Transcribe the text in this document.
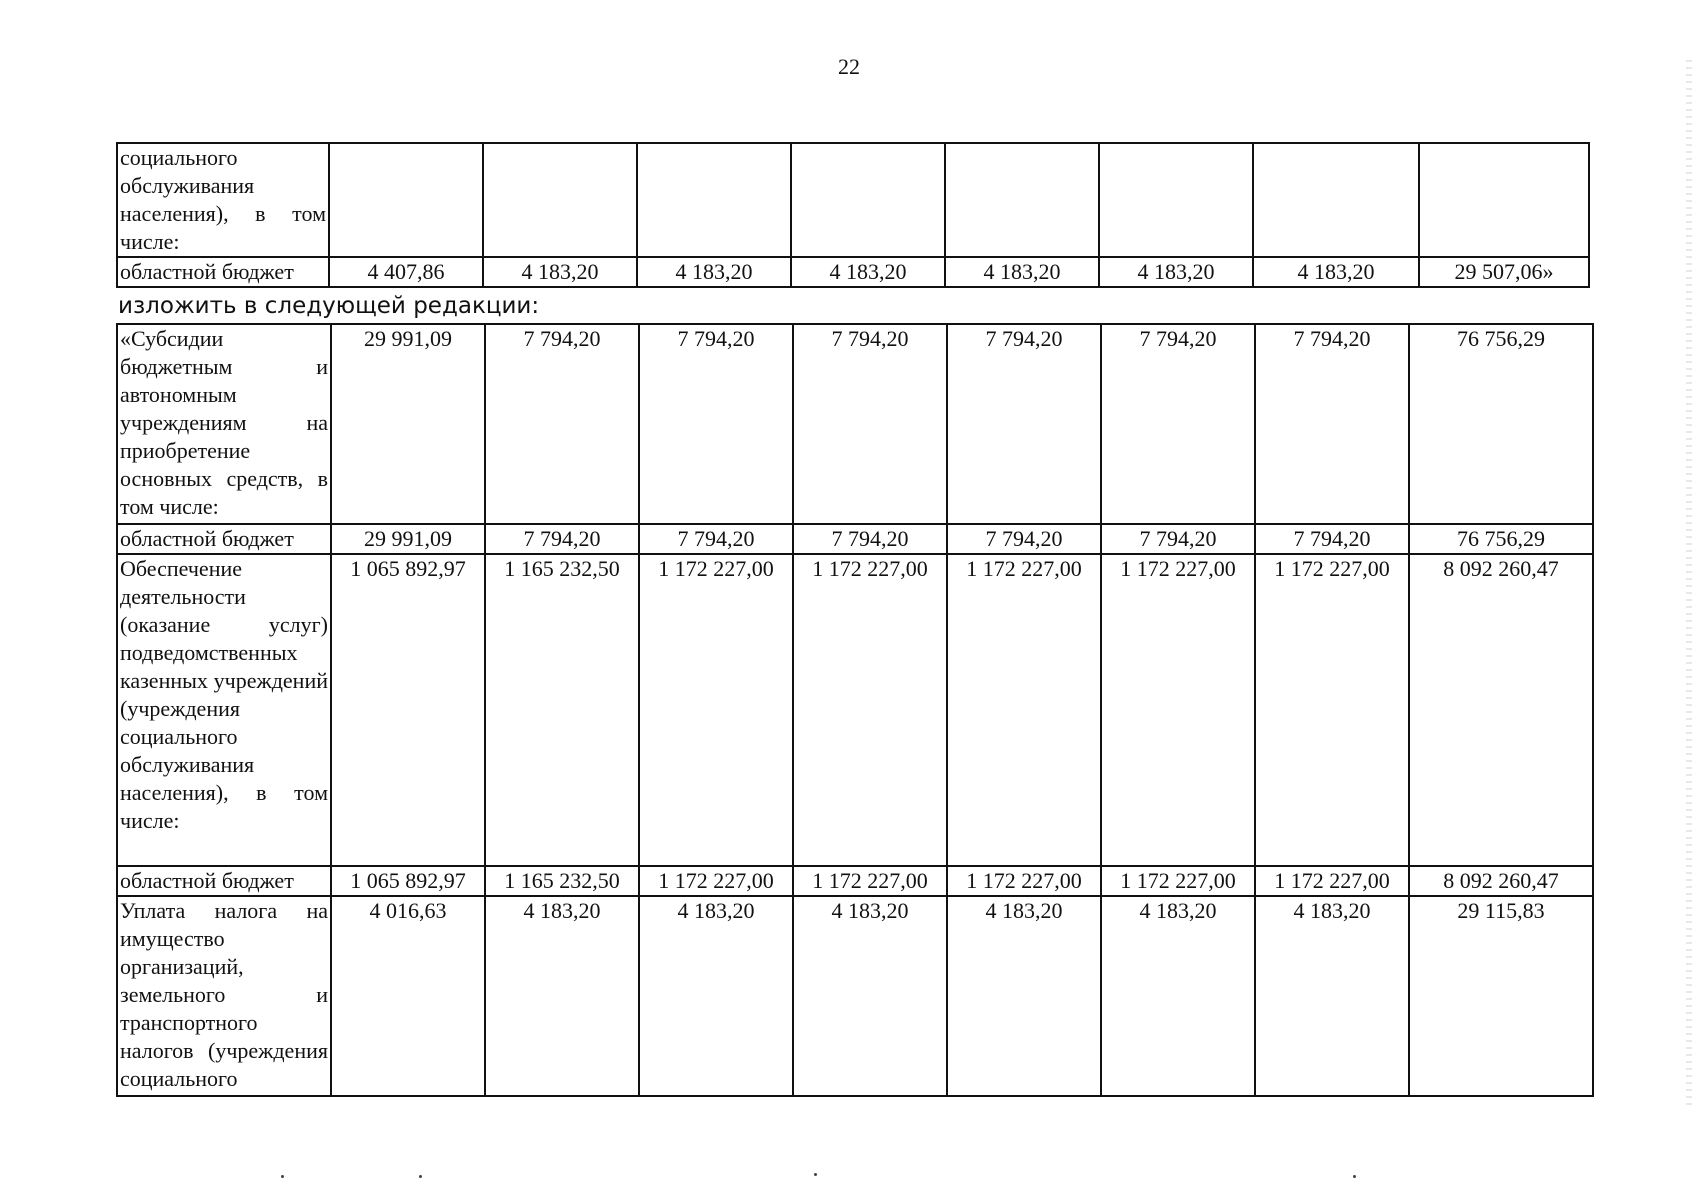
22
социального обслуживания населения), в том числе:								
областной бюджет	4 407,86	4 183,20	4 183,20	4 183,20	4 183,20	4 183,20	4 183,20	29 507,06»
изложить в следующей редакции:
«Субсидии бюджетным и автономным учреждениям на приобретение основных средств, в том числе:	29 991,09	7 794,20	7 794,20	7 794,20	7 794,20	7 794,20	7 794,20	76 756,29
областной бюджет	29 991,09	7 794,20	7 794,20	7 794,20	7 794,20	7 794,20	7 794,20	76 756,29
Обеспечение деятельности (оказание услуг) подведомственных казенных учреждений (учреждения социального обслуживания населения), в том числе:	1 065 892,97	1 165 232,50	1 172 227,00	1 172 227,00	1 172 227,00	1 172 227,00	1 172 227,00	8 092 260,47
областной бюджет	1 065 892,97	1 165 232,50	1 172 227,00	1 172 227,00	1 172 227,00	1 172 227,00	1 172 227,00	8 092 260,47
Уплата налога на имущество организаций, земельного и транспортного налогов (учреждения социального	4 016,63	4 183,20	4 183,20	4 183,20	4 183,20	4 183,20	4 183,20	29 115,83
